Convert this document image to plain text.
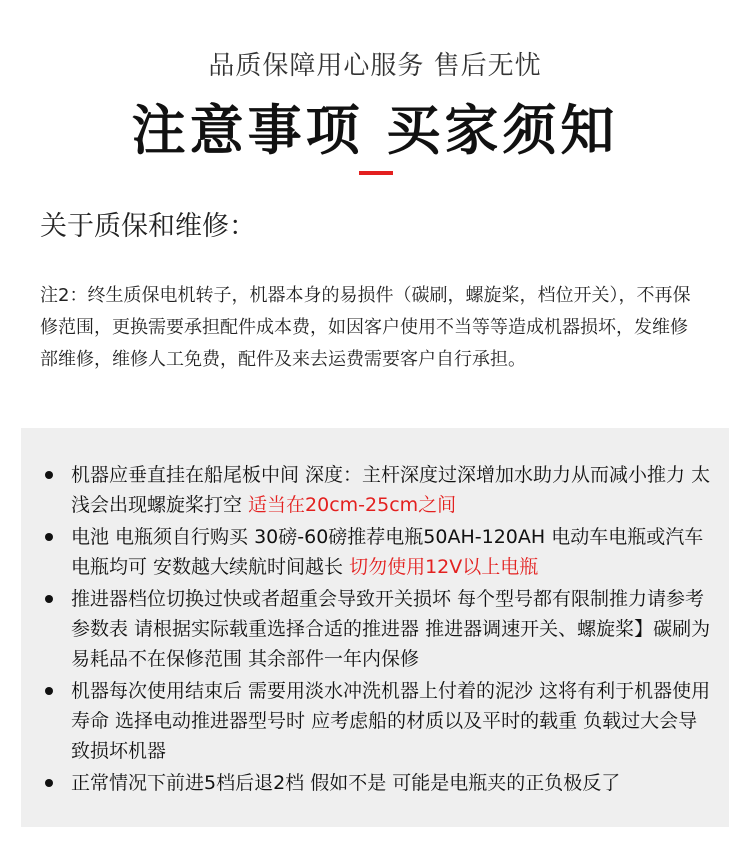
品质保障用心服务 售后无忧
注意事项 买家须知
关于质保和维修：
注2：终生质保电机转子，机器本身的易损件（碳刷，螺旋桨，档位开关），不再保修范围，更换需要承担配件成本费，如因客户使用不当等等造成机器损坏，发维修部维修，维修人工免费，配件及来去运费需要客户自行承担。
机器应垂直挂在船尾板中间 深度：主杆深度过深增加水助力从而减小推力 太浅会出现螺旋桨打空 适当在20cm-25cm之间
电池 电瓶须自行购买 30磅-60磅推荐电瓶50AH-120AH 电动车电瓶或汽车电瓶均可 安数越大续航时间越长 切勿使用12V以上电瓶
推进器档位切换过快或者超重会导致开关损坏 每个型号都有限制推力请参考参数表 请根据实际载重选择合适的推进器 推进器调速开关、螺旋桨】碳刷为易耗品不在保修范围 其余部件一年内保修
机器每次使用结束后 需要用淡水冲洗机器上付着的泥沙 这将有利于机器使用寿命 选择电动推进器型号时 应考虑船的材质以及平时的载重 负载过大会导致损坏机器
正常情况下前进5档后退2档 假如不是 可能是电瓶夹的正负极反了
